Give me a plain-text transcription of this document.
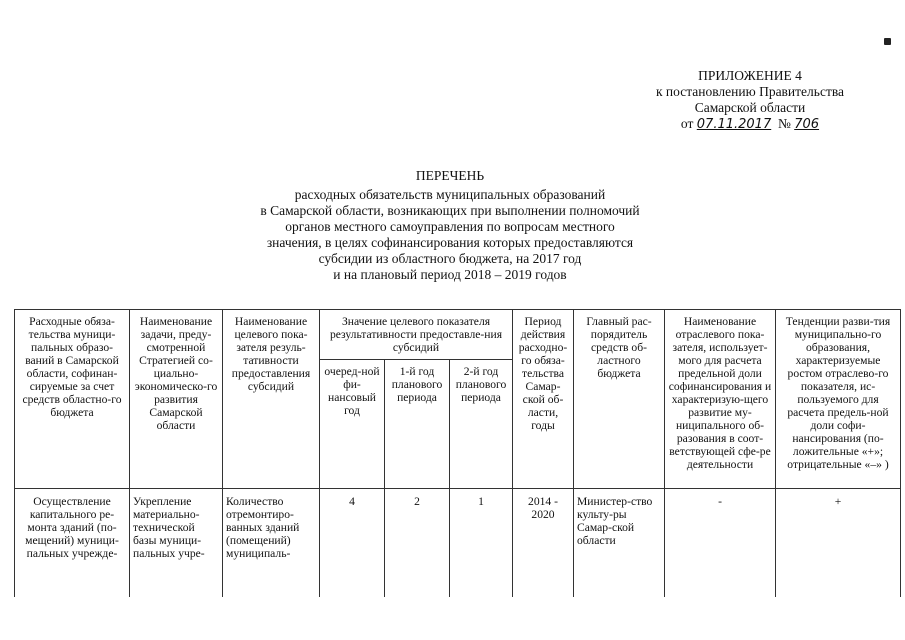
ПРИЛОЖЕНИЕ 4
к постановлению Правительства
Самарской области
от 07.11.2017 № 706
ПЕРЕЧЕНЬ
расходных обязательств муниципальных образований
в Самарской области, возникающих при выполнении полномочий
органов местного самоуправления по вопросам местного
значения, в целях софинансирования которых предоставляются
субсидии из областного бюджета, на 2017 год
и на плановый период 2018 – 2019 годов
Расходные обяза-тельства муници-пальных образо-ваний в Самарской области, софинан-сируемые за счет средств областно-го бюджета	Наименование задачи, преду-смотренной Стратегией со-циально-экономическо-го развития Самарской области	Наименование целевого пока-зателя резуль-тативности предоставления субсидий	Значение целевого показателя результативности предоставле-ния субсидий			Период действия расходно-го обяза-тельства Самар-ской об-ласти, годы	Главный рас-порядитель средств об-ластного бюджета	Наименование отраслевого пока-зателя, использует-мого для расчета предельной доли софинансирования и характеризую-щего развитие му-ниципального об-разования в соот-ветствующей сфе-ре деятельности	Тенденции разви-тия муниципально-го образования, характеризуемые ростом отраслево-го показателя, ис-пользуемого для расчета предель-ной доли софи-нансирования (по-ложительные «+»; отрицательные «–» )
			очеред-ной фи-нансовый год	1-й год планового периода	2-й год планового периода				
Осуществление капитального ре-монта зданий (по-мещений) муници-пальных учрежде-	Укрепление материально-технической базы муници-пальных учре-	Количество отремонтиро-ванных зданий (помещений) муниципаль-	4	2	1	2014 - 2020	Министер-ство культу-ры Самар-ской области	-	+
